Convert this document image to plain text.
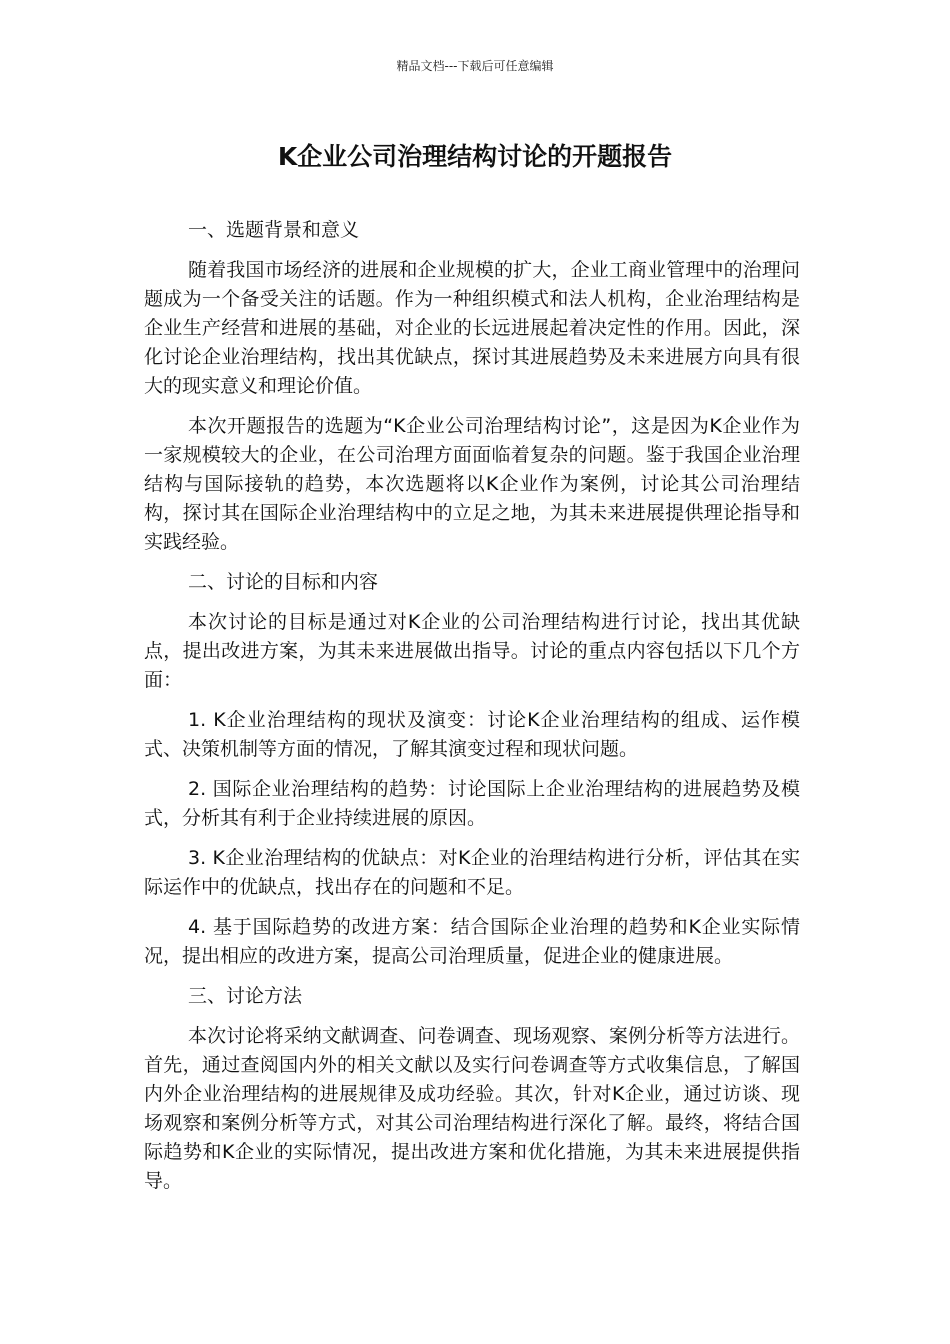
精品文档---下载后可任意编辑
K企业公司治理结构讨论的开题报告
一、选题背景和意义
随着我国市场经济的进展和企业规模的扩大，企业工商业管理中的治理问题成为一个备受关注的话题。作为一种组织模式和法人机构，企业治理结构是企业生产经营和进展的基础，对企业的长远进展起着决定性的作用。因此，深化讨论企业治理结构，找出其优缺点，探讨其进展趋势及未来进展方向具有很大的现实意义和理论价值。
本次开题报告的选题为“K企业公司治理结构讨论”，这是因为K企业作为一家规模较大的企业，在公司治理方面面临着复杂的问题。鉴于我国企业治理结构与国际接轨的趋势，本次选题将以K企业作为案例，讨论其公司治理结构，探讨其在国际企业治理结构中的立足之地，为其未来进展提供理论指导和实践经验。
二、讨论的目标和内容
本次讨论的目标是通过对K企业的公司治理结构进行讨论，找出其优缺点，提出改进方案，为其未来进展做出指导。讨论的重点内容包括以下几个方面：
1. K企业治理结构的现状及演变：讨论K企业治理结构的组成、运作模式、决策机制等方面的情况，了解其演变过程和现状问题。
2. 国际企业治理结构的趋势：讨论国际上企业治理结构的进展趋势及模式，分析其有利于企业持续进展的原因。
3. K企业治理结构的优缺点：对K企业的治理结构进行分析，评估其在实际运作中的优缺点，找出存在的问题和不足。
4. 基于国际趋势的改进方案：结合国际企业治理的趋势和K企业实际情况，提出相应的改进方案，提高公司治理质量，促进企业的健康进展。
三、讨论方法
本次讨论将采纳文献调查、问卷调查、现场观察、案例分析等方法进行。首先，通过查阅国内外的相关文献以及实行问卷调查等方式收集信息，了解国内外企业治理结构的进展规律及成功经验。其次，针对K企业，通过访谈、现场观察和案例分析等方式，对其公司治理结构进行深化了解。最终，将结合国际趋势和K企业的实际情况，提出改进方案和优化措施，为其未来进展提供指导。
